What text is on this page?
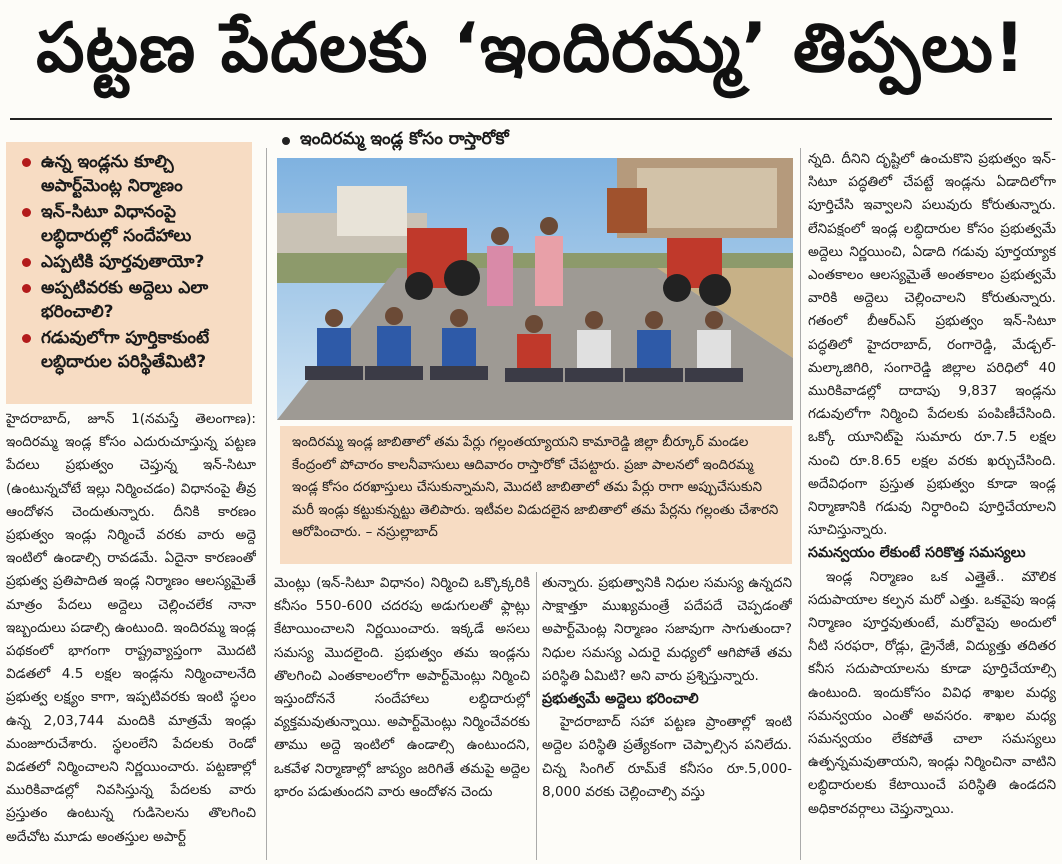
పట్టణ పేదలకు ‘ఇందిరమ్మ’ తిప్పలు!
ఉన్న ఇండ్లను కూల్చి అపార్ట్‌మెంట్ల నిర్మాణం
ఇన్‌-సిటూ విధానంపై లబ్ధిదారుల్లో సందేహాలు
ఎప్పటికి పూర్తవుతాయో?
అప్పటివరకు అద్దెలు ఎలా భరించాలి?
గడువులోగా పూర్తికాకుంటే లబ్ధిదారుల పరిస్థితేమిటి?
ఇందిరమ్మ ఇండ్ల కోసం రాస్తారోకో
ఇందిరమ్మ ఇండ్ల జాబితాలో తమ పేర్లు గల్లంతయ్యాయని కామారెడ్డి జిల్లా బీర్కూర్ మండల కేంద్రంలో పోచారం కాలనీవాసులు ఆదివారం రాస్తారోకో చేపట్టారు. ప్రజా పాలనలో ఇందిరమ్మ ఇండ్ల కోసం దరఖాస్తులు చేసుకున్నామని, మొదటి జాబితాలో తమ పేర్లు రాగా అప్పుచేసుకుని మరీ ఇండ్లు కట్టుకున్నట్టు తెలిపారు. ఇటీవల విడుదలైన జాబితాలో తమ పేర్లను గల్లంతు చేశారని ఆరోపించారు. – నస్రుల్లాబాద్

హైదరాబాద్‌, జూన్‌ 1(నమస్తే తెలంగాణ): ఇందిరమ్మ ఇండ్ల కోసం ఎదురుచూస్తున్న పట్టణ పేదలు ప్రభుత్వం చెప్తున్న ఇన్‌-సిటూ (ఉంటున్నచోటే ఇల్లు నిర్మించడం) విధానంపై తీవ్ర ఆందోళన చెందుతున్నారు. దీనికి కారణం ప్రభుత్వం ఇండ్లు నిర్మించే వరకు వారు అద్దె ఇంటిలో ఉండాల్సి రావడమే. ఏదైనా కారణంతో ప్రభుత్వ ప్రతిపాదిత ఇండ్ల నిర్మాణం ఆలస్యమైతే మాత్రం పేదలు అద్దెలు చెల్లించలేక నానా ఇబ్బందులు పడాల్సి ఉంటుంది. ఇందిరమ్మ ఇండ్ల పథకంలో భాగంగా రాష్ట్రవ్యాప్తంగా మొదటి విడతలో 4.5 లక్షల ఇండ్లను నిర్మించాలనేది ప్రభుత్వ లక్ష్యం కాగా, ఇప్పటివరకు ఇంటి స్థలం ఉన్న 2,03,744 మందికి మాత్రమే ఇండ్లు మంజూరుచేశారు. స్థలంలేని పేదలకు రెండో విడతలో నిర్మించాలని నిర్ణయించారు. పట్టణాల్లో మురికివాడల్లో నివసిస్తున్న పేదలకు వారు ప్రస్తుతం ఉంటున్న గుడిసెలను తొలగించి అదేచోట మూడు అంతస్తుల అపార్ట్‌

మెంట్లు (ఇన్‌-సిటూ విధానం) నిర్మించి ఒక్కొక్కరికి కనీసం 550-600 చదరపు అడుగులతో ఫ్లాట్లు కేటాయించాలని నిర్ణయించారు. ఇక్కడే అసలు సమస్య మొదలైంది. ప్రభుత్వం తమ ఇండ్లను తొలగించి ఎంతకాలంలోగా అపార్ట్‌మెంట్లు నిర్మించి ఇస్తుందోననే సందేహాలు లబ్ధిదారుల్లో వ్యక్తమవుతున్నాయి. అపార్ట్‌మెంట్లు నిర్మించేవరకు తాము అద్దె ఇంటిలో ఉండాల్సి ఉంటుందని, ఒకవేళ నిర్మాణాల్లో జాప్యం జరిగితే తమపై అద్దెల భారం పడుతుందని వారు ఆందోళన చెందు

తున్నారు. ప్రభుత్వానికి నిధుల సమస్య ఉన్నదని సాక్షాత్తూ ముఖ్యమంత్రే పదేపదే చెప్పడంతో అపార్ట్‌మెంట్ల నిర్మాణం సజావుగా సాగుతుందా? నిధుల సమస్య ఎదురై మధ్యలో ఆగిపోతే తమ పరిస్థితి ఏమిటి? అని వారు ప్రశ్నిస్తున్నారు.

ప్రభుత్వమే అద్దెలు భరించాలి

హైదరాబాద్‌ సహా పట్టణ ప్రాంతాల్లో ఇంటి అద్దెల పరిస్థితి ప్రత్యేకంగా చెప్పాల్సిన పనిలేదు. చిన్న సింగిల్‌ రూమ్‌కే కనీసం రూ.5,000-8,000 వరకు చెల్లించాల్సి వస్తు

న్నది. దీనిని దృష్టిలో ఉంచుకొని ప్రభుత్వం ఇన్‌-సిటూ పద్ధతిలో చేపట్టే ఇండ్లను ఏడాదిలోగా పూర్తిచేసి ఇవ్వాలని పలువురు కోరుతున్నారు. లేనిపక్షంలో ఇండ్ల లబ్ధిదారుల కోసం ప్రభుత్వమే అద్దెలు నిర్ణయించి, ఏడాది గడువు పూర్తయ్యాక ఎంతకాలం ఆలస్యమైతే అంతకాలం ప్రభుత్వమే వారికి అద్దెలు చెల్లించాలని కోరుతున్నారు. గతంలో బీఆర్‌ఎస్‌ ప్రభుత్వం ఇన్‌-సిటూ పద్ధతిలో హైదరాబాద్‌, రంగారెడ్డి, మేడ్చల్‌-మల్కాజిగిరి, సంగారెడ్డి జిల్లాల పరిధిలో 40 మురికివాడల్లో దాదాపు 9,837 ఇండ్లను గడువులోగా నిర్మించి పేదలకు పంపిణీచేసింది. ఒక్కో యూనిట్‌పై సుమారు రూ.7.5 లక్షల నుంచి రూ.8.65 లక్షల వరకు ఖర్చుచేసింది. అదేవిధంగా ప్రస్తుత ప్రభుత్వం కూడా ఇండ్ల నిర్మాణానికి గడువు నిర్ధారించి పూర్తిచేయాలని సూచిస్తున్నారు.

సమన్వయం లేకుంటే సరికొత్త సమస్యలు

ఇండ్ల నిర్మాణం ఒక ఎత్తైతే.. మౌలిక సదుపాయాల కల్పన మరో ఎత్తు. ఒకవైపు ఇండ్ల నిర్మాణం పూర్తవుతుంటే, మరోవైపు అందులో నీటి సరఫరా, రోడ్లు, డ్రైనేజీ, విద్యుత్తు తదితర కనీస సదుపాయాలను కూడా పూర్తిచేయాల్సి ఉంటుంది. ఇందుకోసం వివిధ శాఖల మధ్య సమన్వయం ఎంతో అవసరం. శాఖల మధ్య సమన్వయం లేకపోతే చాలా సమస్యలు ఉత్పన్నమవుతాయని, ఇండ్లు నిర్మించినా వాటిని లబ్ధిదారులకు కేటాయించే పరిస్థితి ఉండదని అధికారవర్గాలు చెప్తున్నాయి.
